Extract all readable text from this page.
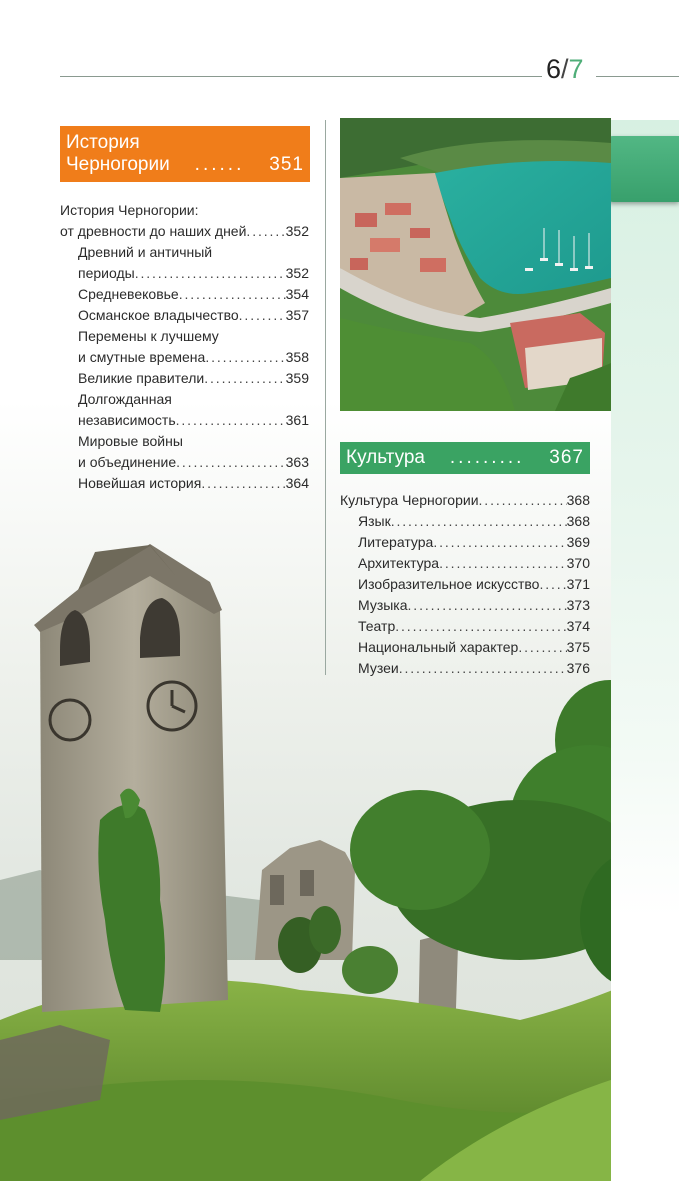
6/7
История
Черногории ...... 351
История Черногории:
от древности до наших дней . . .	352
Древний и античный
периоды . . .	352
Средневековье . . .	354
Османское владычество . . .	357
Перемены к лучшему
и смутные времена . . .	358
Великие правители . . .	359
Долгожданная
независимость . . .	361
Мировые войны
и объединение . . .	363
Новейшая история . . .	364
Культура ......... 367
Культура Черногории . . .	368
Язык . . .	368
Литература . . .	369
Архитектура . . .	370
Изобразительное искусство . . . 371
Музыка . . .	373
Театр . . .	374
Национальный характер . . .	375
Музеи . . .	376
